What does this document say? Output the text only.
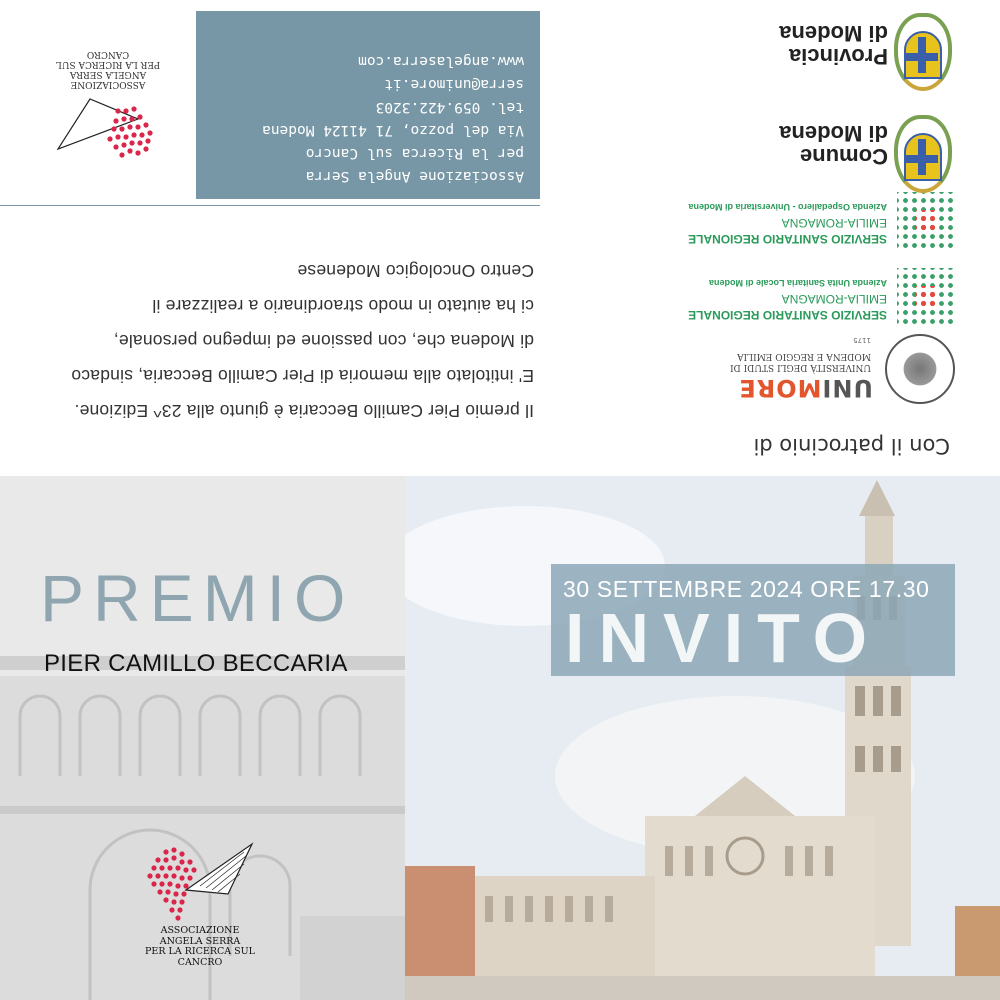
Con il patrocinio di
UNIMORE
UNIVERSITÀ DEGLI STUDI DI
MODENA E REGGIO EMILIA
1175
SERVIZIO SANITARIO REGIONALE
EMILIA-ROMAGNA
Azienda Unità Sanitaria Locale di Modena
SERVIZIO SANITARIO REGIONALE
EMILIA-ROMAGNA
Azienda Ospedaliero - Universitaria di Modena
Comune
di Modena
Provincia
di Modena
Il premio Pier Camillo Beccaria è giunto alla 23^ Edizione.
E' intitolato alla memoria di Pier Camillo Beccaria, sindaco
di Modena che, con passione ed impegno personale,
ci ha aiutato in modo straordinario a realizzare il
Centro Oncologico Modenese
Associazione Angela Serra
per la Ricerca sul Cancro
Via del pozzo, 71 41124 Modena
tel. 059.422.3203
serra@unimore.it
www.angelaserra.com
ASSOCIAZIONE
ANGELA SERRA
PER LA RICERCA SUL
CANCRO
PREMIO
PIER CAMILLO BECCARIA
ASSOCIAZIONE
ANGELA SERRA
PER LA RICERCA SUL
CANCRO
30 SETTEMBRE 2024 ORE 17.30
INVITO
